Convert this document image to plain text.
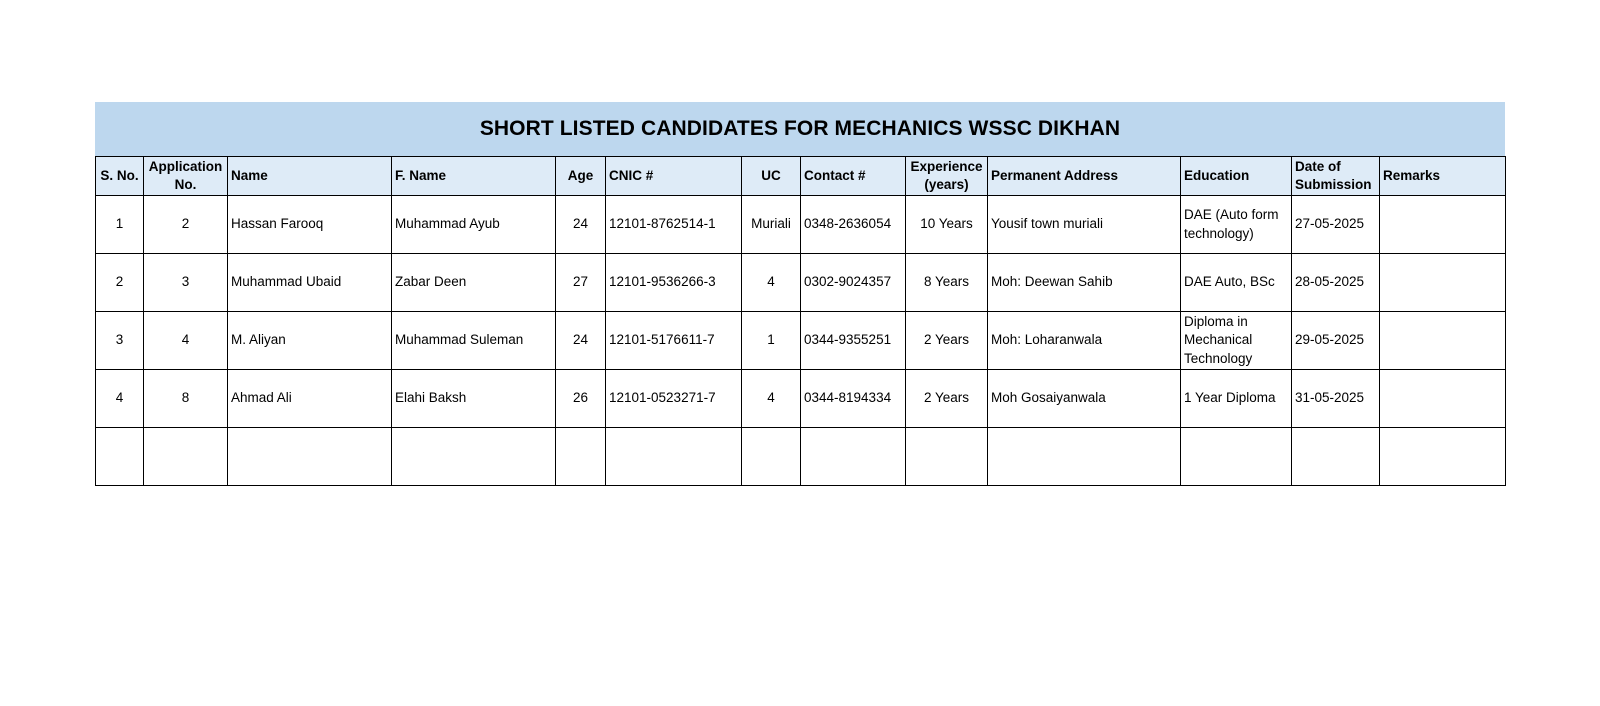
SHORT LISTED CANDIDATES FOR MECHANICS WSSC DIKHAN
S. No.	Application No.	Name	F. Name	Age	CNIC #	UC	Contact #	Experience (years)	Permanent Address	Education	Date of Submission	Remarks
1	2	Hassan Farooq	Muhammad Ayub	24	12101-8762514-1	Muriali	0348-2636054	10 Years	Yousif town muriali	DAE (Auto form technology)	27-05-2025	
2	3	Muhammad Ubaid	Zabar Deen	27	12101-9536266-3	4	0302-9024357	8 Years	Moh: Deewan Sahib	DAE Auto, BSc	28-05-2025	
3	4	M. Aliyan	Muhammad Suleman	24	12101-5176611-7	1	0344-9355251	2 Years	Moh: Loharanwala	Diploma in Mechanical Technology	29-05-2025	
4	8	Ahmad Ali	Elahi Baksh	26	12101-0523271-7	4	0344-8194334	2 Years	Moh Gosaiyanwala	1 Year Diploma	31-05-2025	
